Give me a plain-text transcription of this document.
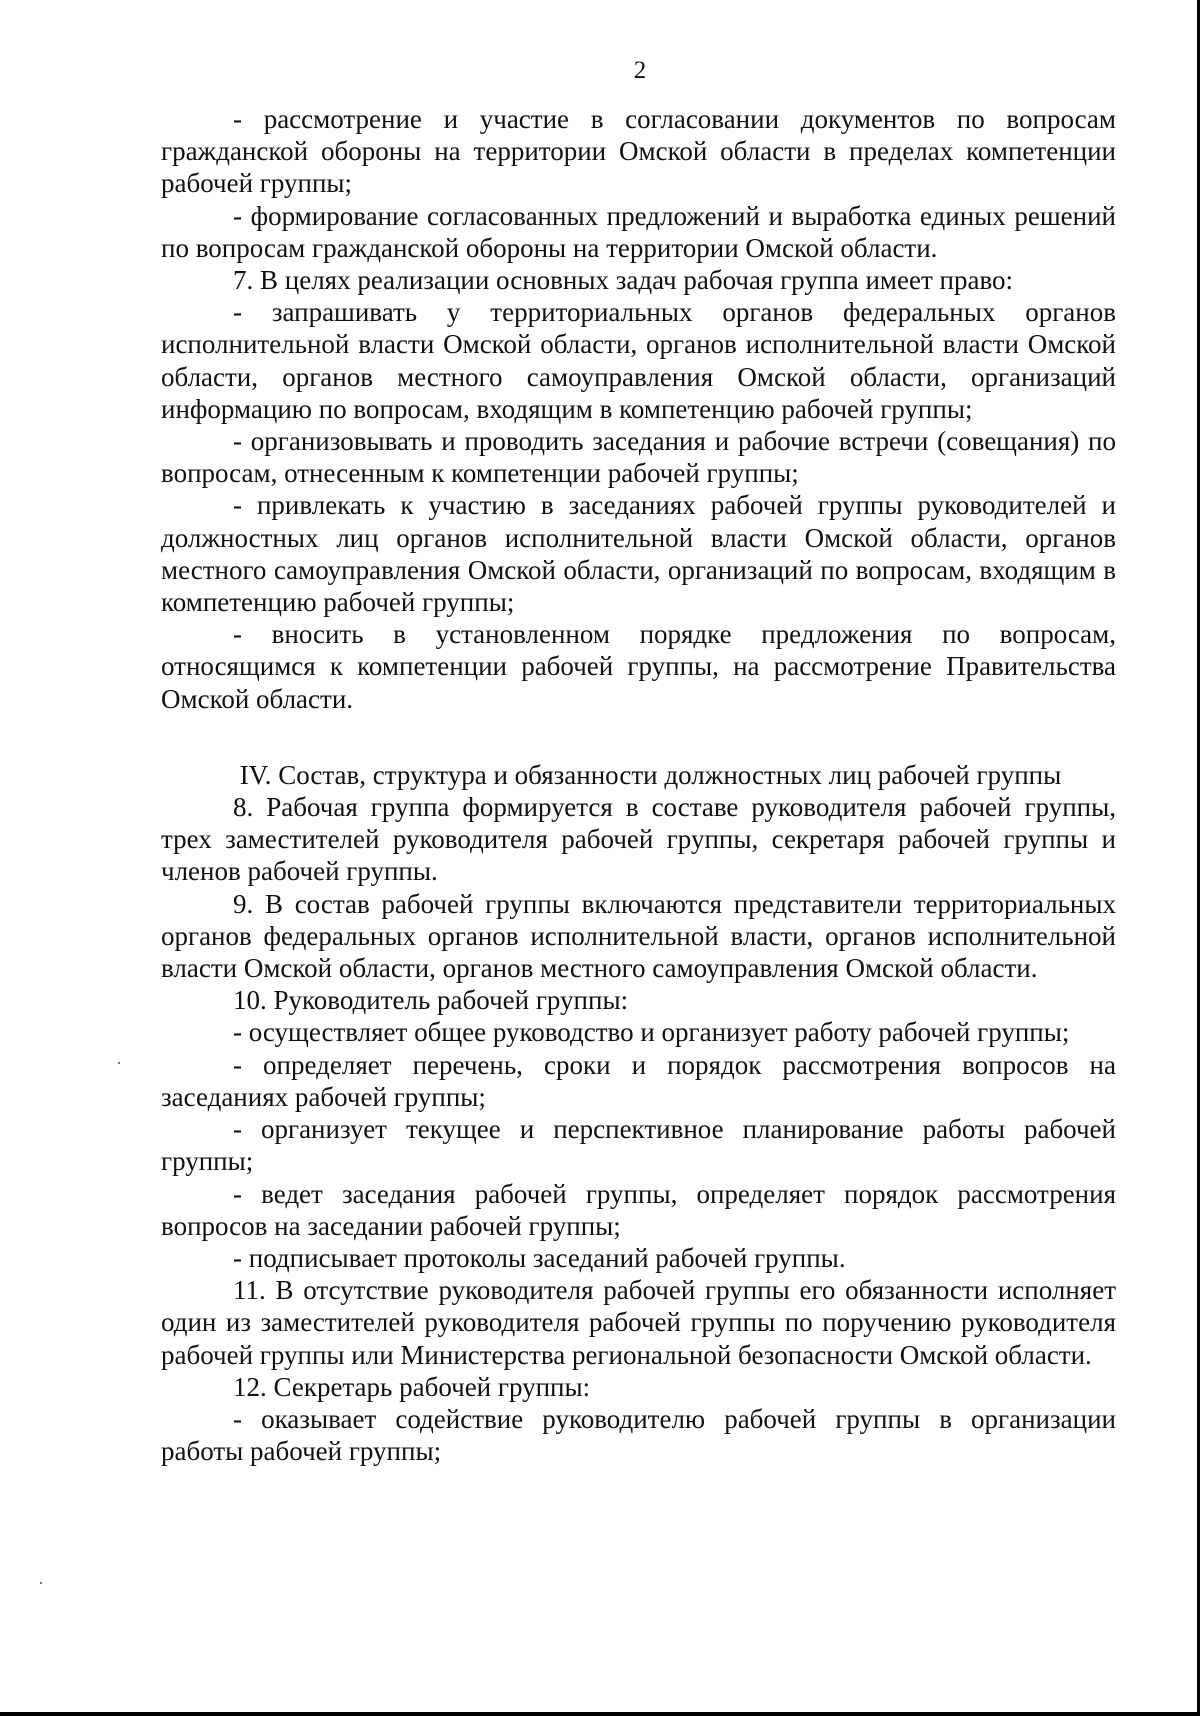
2

- рассмотрение и участие в согласовании документов по вопросам гражданской обороны на территории Омской области в пределах компетенции рабочей группы;

- формирование согласованных предложений и выработка единых решений по вопросам гражданской обороны на территории Омской области.

7. В целях реализации основных задач рабочая группа имеет право:

- запрашивать у территориальных органов федеральных органов исполнительной власти Омской области, органов исполнительной власти Омской области, органов местного самоуправления Омской области, организаций информацию по вопросам, входящим в компетенцию рабочей группы;

- организовывать и проводить заседания и рабочие встречи (совещания) по вопросам, отнесенным к компетенции рабочей группы;

- привлекать к участию в заседаниях рабочей группы руководителей и должностных лиц органов исполнительной власти Омской области, органов местного самоуправления Омской области, организаций по вопросам, входящим в компетенцию рабочей группы;

- вносить в установленном порядке предложения по вопросам, относящимся к компетенции рабочей группы, на рассмотрение Правительства Омской области.

IV. Состав, структура и обязанности должностных лиц рабочей группы

8. Рабочая группа формируется в составе руководителя рабочей группы, трех заместителей руководителя рабочей группы, секретаря рабочей группы и членов рабочей группы.

9. В состав рабочей группы включаются представители территориальных органов федеральных органов исполнительной власти, органов исполнительной власти Омской области, органов местного самоуправления Омской области.

10. Руководитель рабочей группы:

- осуществляет общее руководство и организует работу рабочей группы;

- определяет перечень, сроки и порядок рассмотрения вопросов на заседаниях рабочей группы;

- организует текущее и перспективное планирование работы рабочей группы;

- ведет заседания рабочей группы, определяет порядок рассмотрения вопросов на заседании рабочей группы;

- подписывает протоколы заседаний рабочей группы.

11. В отсутствие руководителя рабочей группы его обязанности исполняет один из заместителей руководителя рабочей группы по поручению руководителя рабочей группы или Министерства региональной безопасности Омской области.

12. Секретарь рабочей группы:

- оказывает содействие руководителю рабочей группы в организации работы рабочей группы;
